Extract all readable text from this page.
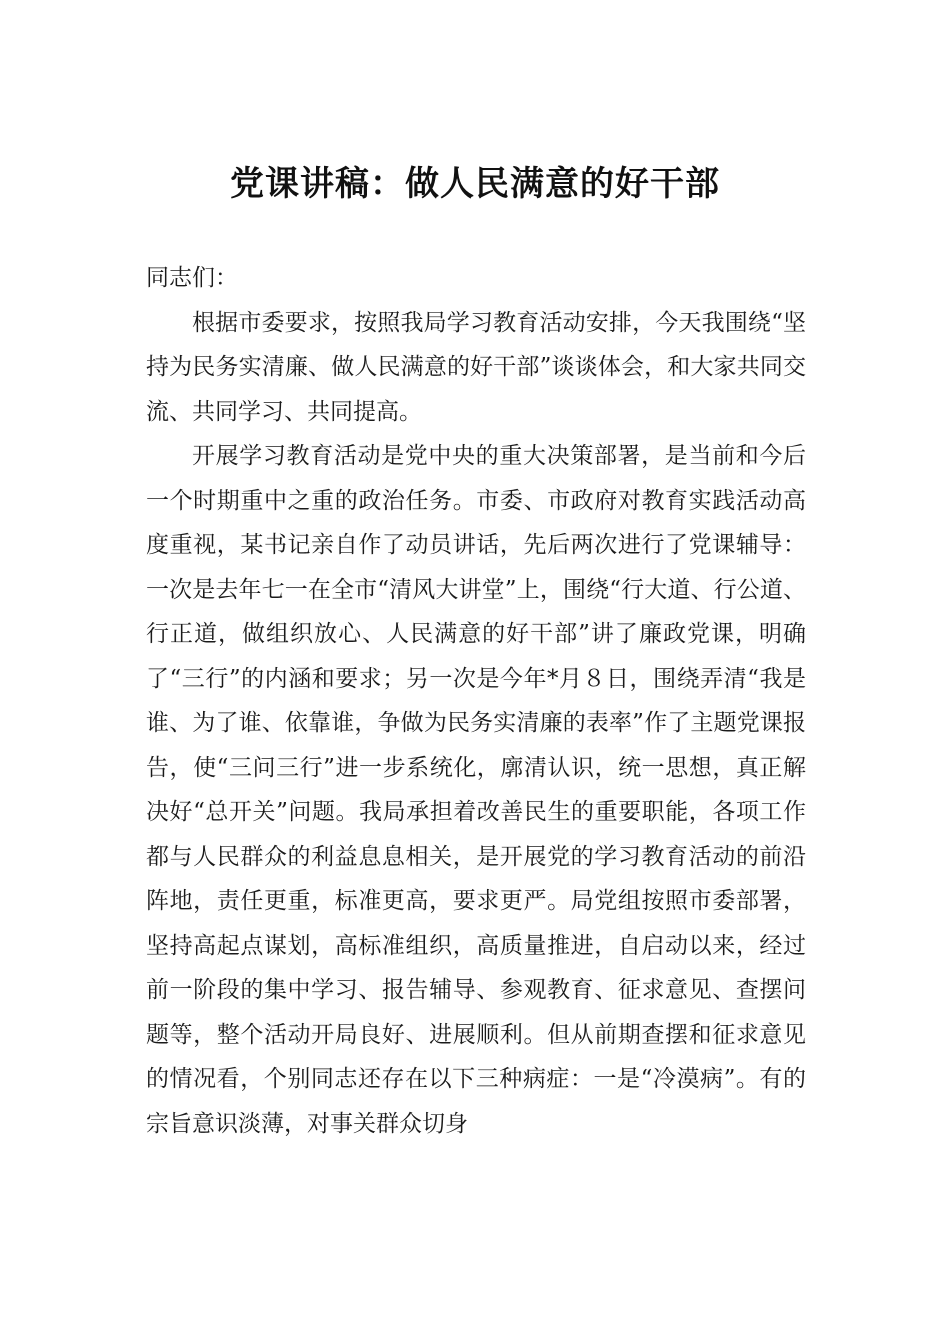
党课讲稿：做人民满意的好干部

同志们：

根据市委要求，按照我局学习教育活动安排，今天我围绕“坚持为民务实清廉、做人民满意的好干部”谈谈体会，和大家共同交流、共同学习、共同提高。

开展学习教育活动是党中央的重大决策部署，是当前和今后一个时期重中之重的政治任务。市委、市政府对教育实践活动高度重视，某书记亲自作了动员讲话，先后两次进行了党课辅导：一次是去年七一在全市“清风大讲堂”上，围绕“行大道、行公道、行正道，做组织放心、人民满意的好干部”讲了廉政党课，明确了“三行”的内涵和要求；另一次是今年*月８日，围绕弄清“我是谁、为了谁、依靠谁，争做为民务实清廉的表率”作了主题党课报告，使“三问三行”进一步系统化，廓清认识，统一思想，真正解决好“总开关”问题。我局承担着改善民生的重要职能，各项工作都与人民群众的利益息息相关，是开展党的学习教育活动的前沿阵地，责任更重，标准更高，要求更严。局党组按照市委部署，坚持高起点谋划，高标准组织，高质量推进，自启动以来，经过前一阶段的集中学习、报告辅导、参观教育、征求意见、查摆问题等，整个活动开局良好、进展顺利。但从前期查摆和征求意见的情况看，个别同志还存在以下三种病症：一是“冷漠病”。有的宗旨意识淡薄，对事关群众切身
